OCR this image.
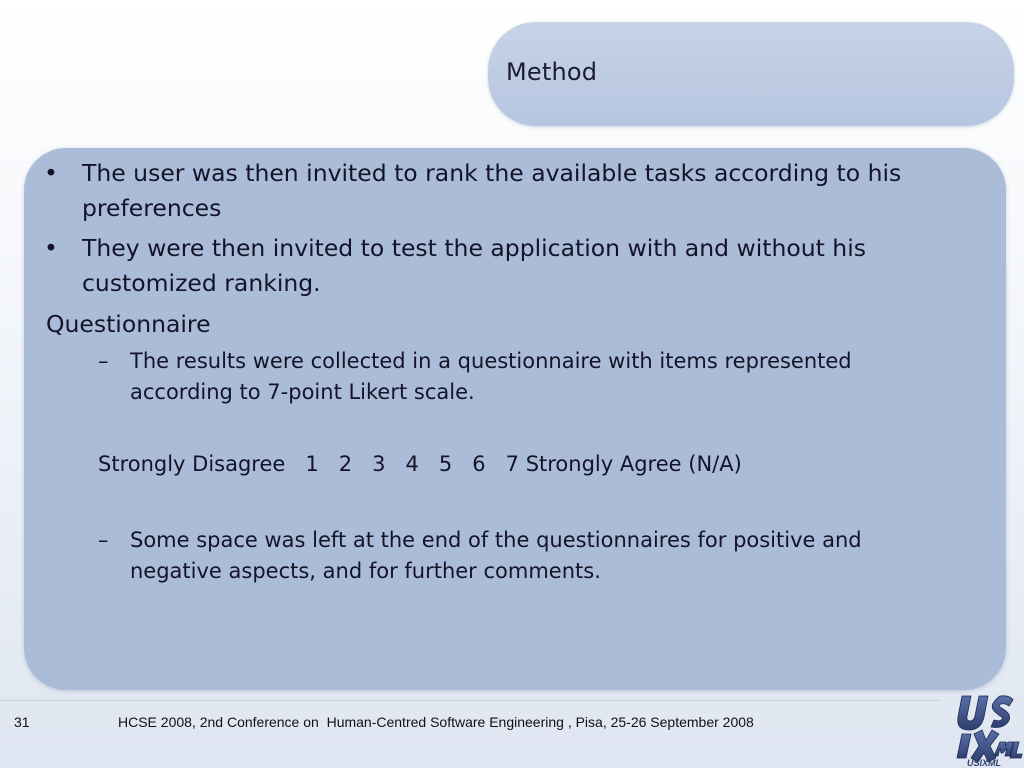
Method
• The user was then invited to rank the available tasks according to his
preferences
• They were then invited to test the application with and without his
customized ranking.
Questionnaire
– The results were collected in a questionnaire with items represented
according to 7-point Likert scale.
Strongly Disagree   1   2   3   4   5   6   7 Strongly Agree (N/A)
– Some space was left at the end of the questionnaires for positive and
negative aspects, and for further comments.
31	HCSE 2008, 2nd Conference on  Human-Centred Software Engineering , Pisa, 25-26 September 2008
USIXML
